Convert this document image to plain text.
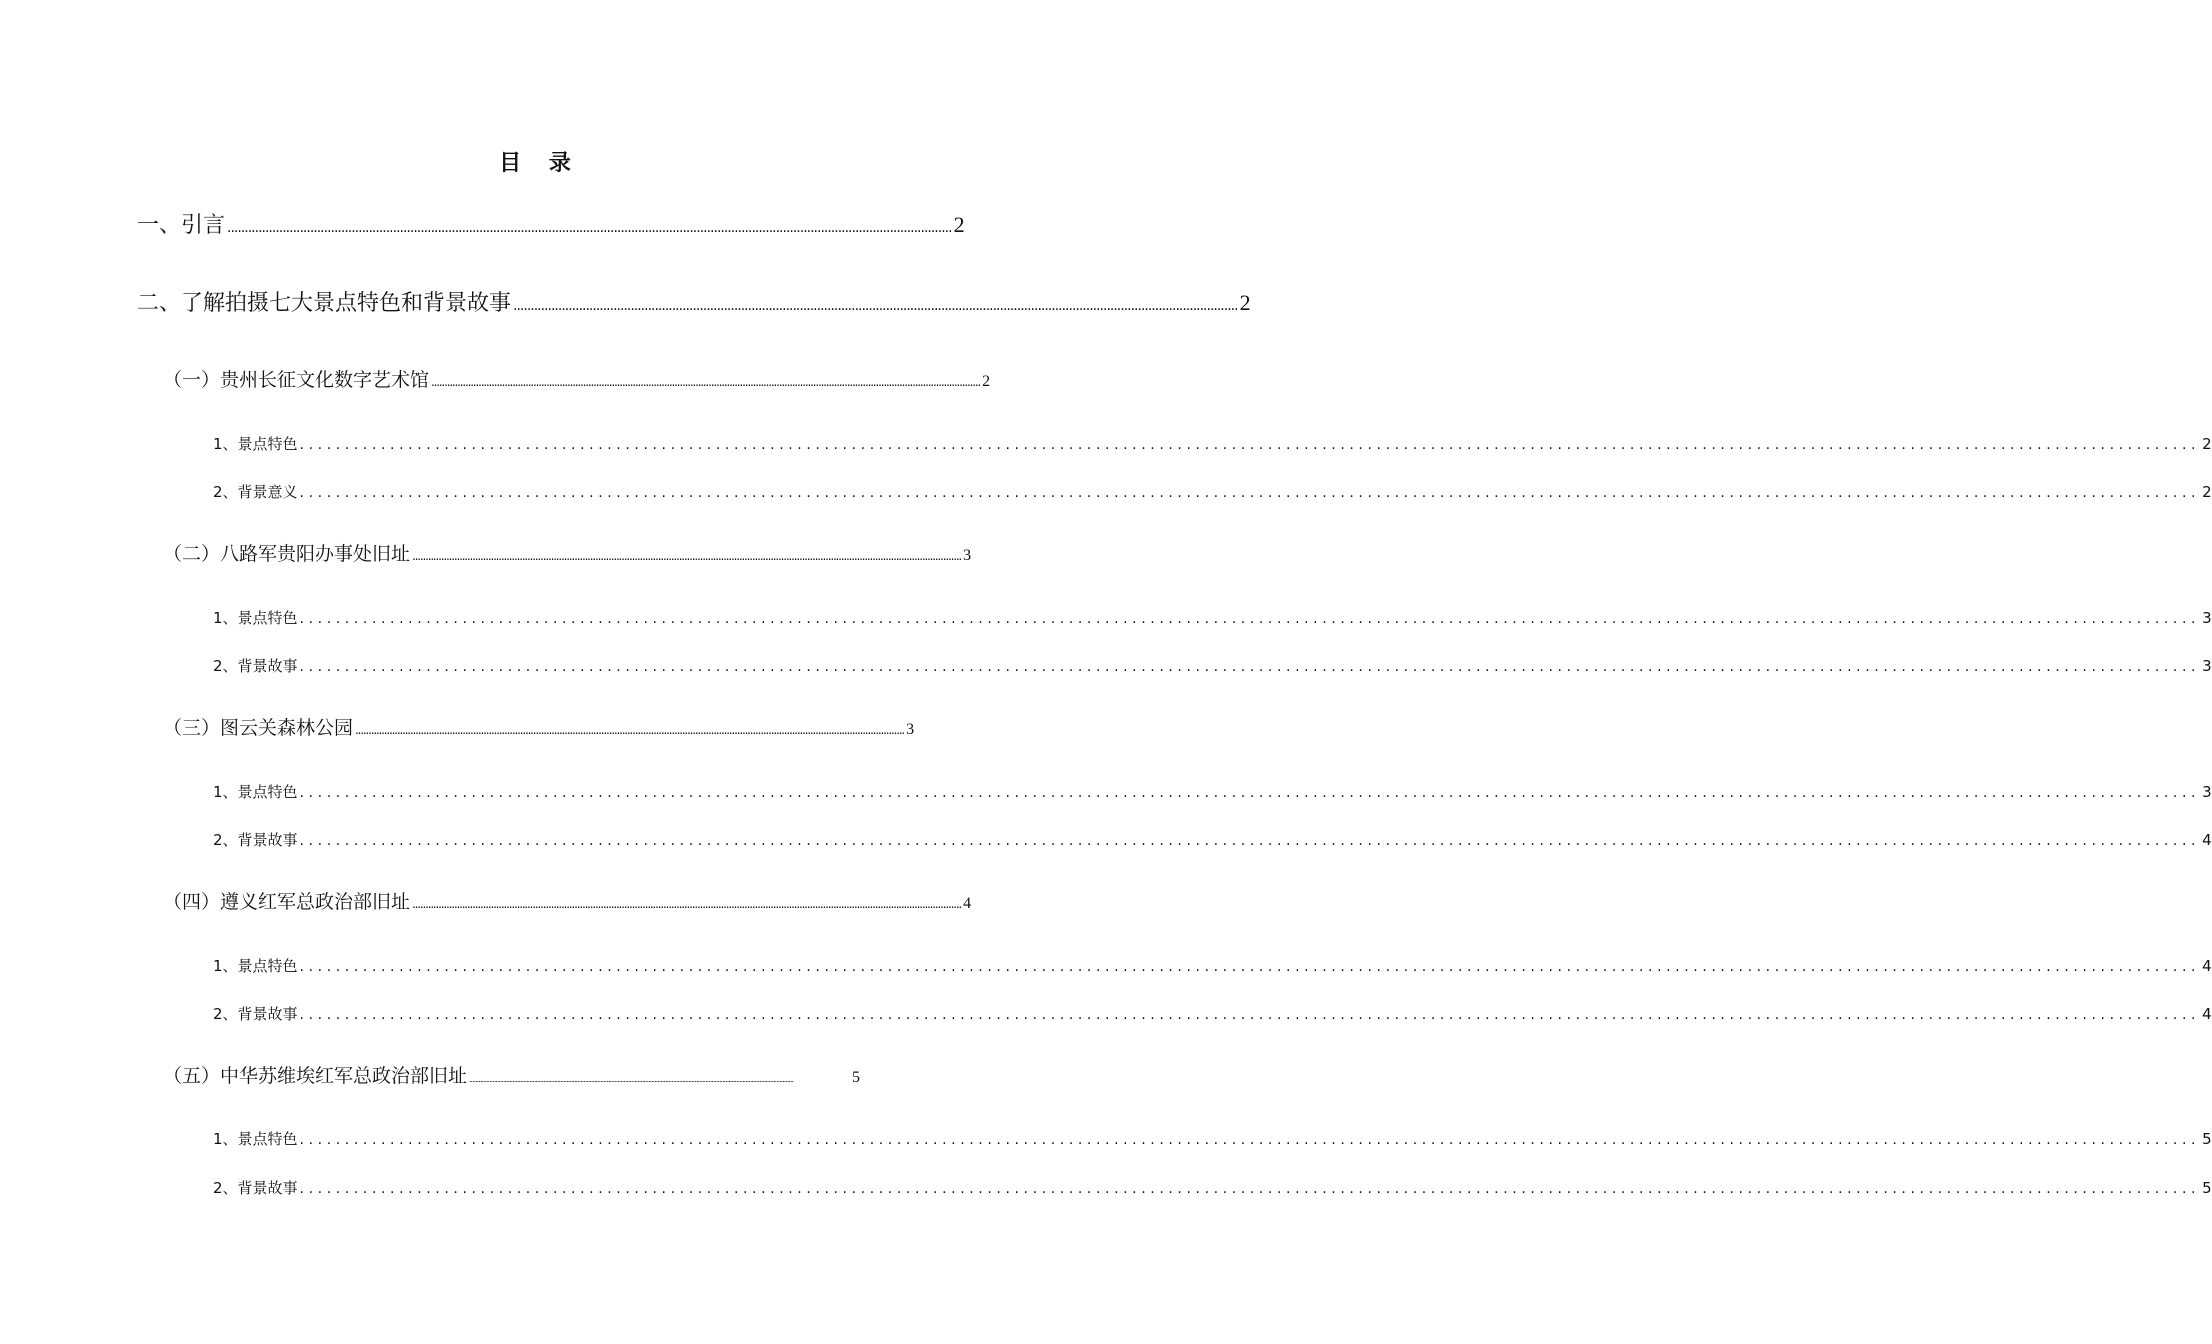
目 录
一、引言 .................................................................................................................................................................................................................. 2
二、了解拍摄七大景点特色和背景故事 .................................................................................................................................................................................................................. 2
（一）贵州长征文化数字艺术馆 .................................................................................................................................................................................................................. 2
1、景点特色 .................................................................................................................................................................................................................. 2
2、背景意义 .................................................................................................................................................................................................................. 2
（二）八路军贵阳办事处旧址 .................................................................................................................................................................................................................. 3
1、景点特色 .................................................................................................................................................................................................................. 3
2、背景故事 .................................................................................................................................................................................................................. 3
（三）图云关森林公园 .................................................................................................................................................................................................................. 3
1、景点特色 .................................................................................................................................................................................................................. 3
2、背景故事 .................................................................................................................................................................................................................. 4
（四）遵义红军总政治部旧址 .................................................................................................................................................................................................................. 4
1、景点特色 .................................................................................................................................................................................................................. 4
2、背景故事 .................................................................................................................................................................................................................. 4
（五）中华苏维埃红军总政治部旧址 ..................................................................................................................................................................................................................	5
1、景点特色 .................................................................................................................................................................................................................. 5
2、背景故事 .................................................................................................................................................................................................................. 5
